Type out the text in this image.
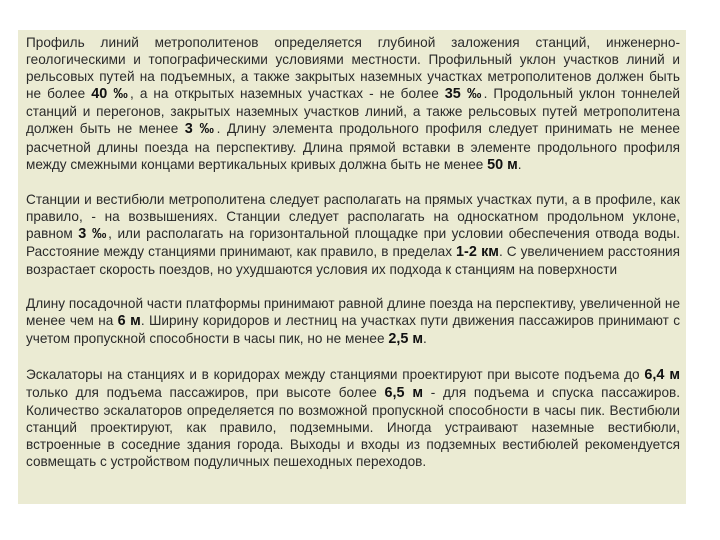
Профиль линий метрополитенов определяется глубиной заложения станций, инженерно-геологическими и топографическими условиями местности. Профильный уклон участков линий и рельсовых путей на подъемных, а также закрытых наземных участках метрополитенов должен быть не более 40 ‰, а на открытых наземных участках - не более 35 ‰. Продольный уклон тоннелей станций и перегонов, закрытых наземных участков линий, а также рельсовых путей метрополитена должен быть не менее 3 ‰. Длину элемента продольного профиля следует принимать не менее расчетной длины поезда на перспективу. Длина прямой вставки в элементе продольного профиля между смежными концами вертикальных кривых должна быть не менее 50 м.

Станции и вестибюли метрополитена следует располагать на прямых участках пути, а в профиле, как правило, - на возвышениях. Станции следует располагать на односкатном продольном уклоне, равном 3 ‰, или располагать на горизонтальной площадке при условии обеспечения отвода воды. Расстояние между станциями принимают, как правило, в пределах 1-2 км. С увеличением расстояния возрастает скорость поездов, но ухудшаются условия их подхода к станциям на поверхности

Длину посадочной части платформы принимают равной длине поезда на перспективу, увеличенной не менее чем на 6 м. Ширину коридоров и лестниц на участках пути движения пассажиров принимают с учетом пропускной способности в часы пик, но не менее 2,5 м.

Эскалаторы на станциях и в коридорах между станциями проектируют при высоте подъема до 6,4 м только для подъема пассажиров, при высоте более 6,5 м - для подъема и спуска пассажиров. Количество эскалаторов определяется по возможной пропускной способности в часы пик. Вестибюли станций проектируют, как правило, подземными. Иногда устраивают наземные вестибюли, встроенные в соседние здания города. Выходы и входы из подземных вестибюлей рекомендуется совмещать с устройством подуличных пешеходных переходов.
